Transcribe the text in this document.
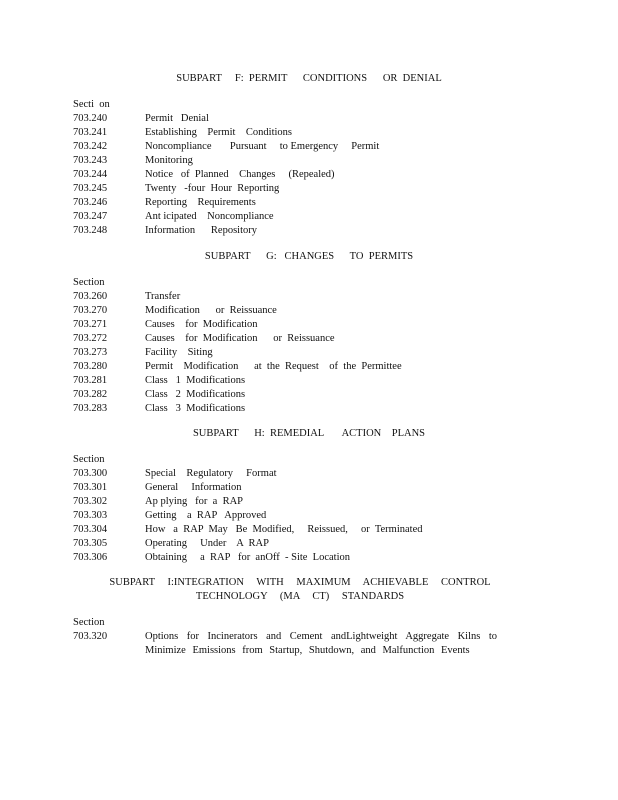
SUBPART     F:  PERMIT      CONDITIONS      OR  DENIAL
Secti  on
703.240	Permit   Denial
703.241	Establishing    Permit    Conditions
703.242	Noncompliance       Pursuant     to Emergency     Permit
703.243	Monitoring
703.244	Notice   of  Planned    Changes     (Repealed)
703.245	Twenty   -four  Hour  Reporting
703.246	Reporting    Requirements
703.247	Ant icipated    Noncompliance
703.248	Information      Repository
SUBPART      G:   CHANGES      TO  PERMITS
Section
703.260	Transfer
703.270	Modification      or  Reissuance
703.271	Causes    for  Modification
703.272	Causes    for  Modification      or  Reissuance
703.273	Facility    Siting
703.280	Permit    Modification      at  the  Request    of  the  Permittee
703.281	Class   1  Modifications
703.282	Class   2  Modifications
703.283	Class   3  Modifications
SUBPART      H:  REMEDIAL       ACTION    PLANS
Section
703.300	Special    Regulatory     Format
703.301	General     Information
703.302	Ap plying   for  a  RAP
703.303	Getting    a  RAP   Approved
703.304	How   a  RAP  May   Be  Modified,     Reissued,     or  Terminated
703.305	Operating     Under    A  RAP
703.306	Obtaining     a  RAP   for  anOff  - Site  Location
SUBPART I:INTEGRATION WITH MAXIMUM ACHIEVABLE CONTROL TECHNOLOGY (MA CT) STANDARDS
Section
703.320	Options for Incinerators and Cement andLightweight Aggregate Kilns to Minimize Emissions from Startup, Shutdown, and Malfunction Events
